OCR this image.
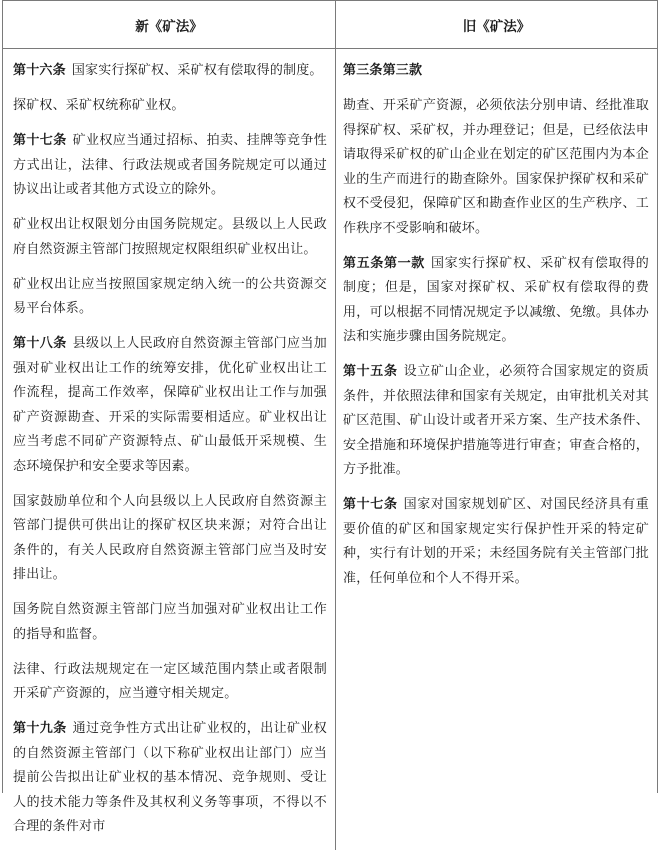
新《矿法》	旧《矿法》

第十六条 国家实行探矿权、采矿权有偿取得的制度。

探矿权、采矿权统称矿业权。

第十七条 矿业权应当通过招标、拍卖、挂牌等竞争性方式出让，法律、行政法规或者国务院规定可以通过协议出让或者其他方式设立的除外。

矿业权出让权限划分由国务院规定。县级以上人民政府自然资源主管部门按照规定权限组织矿业权出让。

矿业权出让应当按照国家规定纳入统一的公共资源交易平台体系。

第十八条 县级以上人民政府自然资源主管部门应当加强对矿业权出让工作的统筹安排，优化矿业权出让工作流程，提高工作效率，保障矿业权出让工作与加强矿产资源勘查、开采的实际需要相适应。矿业权出让应当考虑不同矿产资源特点、矿山最低开采规模、生态环境保护和安全要求等因素。

国家鼓励单位和个人向县级以上人民政府自然资源主管部门提供可供出让的探矿权区块来源；对符合出让条件的，有关人民政府自然资源主管部门应当及时安排出让。

国务院自然资源主管部门应当加强对矿业权出让工作的指导和监督。

法律、行政法规规定在一定区域范围内禁止或者限制开采矿产资源的，应当遵守相关规定。

第十九条 通过竞争性方式出让矿业权的，出让矿业权的自然资源主管部门（以下称矿业权出让部门）应当提前公告拟出让矿业权的基本情况、竞争规则、受让人的技术能力等条件及其权利义务等事项，不得以不合理的条件对市

第三条第三款

勘查、开采矿产资源，必须依法分别申请、经批准取得探矿权、采矿权，并办理登记；但是，已经依法申请取得采矿权的矿山企业在划定的矿区范围内为本企业的生产而进行的勘查除外。国家保护探矿权和采矿权不受侵犯，保障矿区和勘查作业区的生产秩序、工作秩序不受影响和破坏。

第五条第一款 国家实行探矿权、采矿权有偿取得的制度；但是，国家对探矿权、采矿权有偿取得的费用，可以根据不同情况规定予以减缴、免缴。具体办法和实施步骤由国务院规定。

第十五条 设立矿山企业，必须符合国家规定的资质条件，并依照法律和国家有关规定，由审批机关对其矿区范围、矿山设计或者开采方案、生产技术条件、安全措施和环境保护措施等进行审查；审查合格的，方予批准。

第十七条 国家对国家规划矿区、对国民经济具有重要价值的矿区和国家规定实行保护性开采的特定矿种，实行有计划的开采；未经国务院有关主管部门批准，任何单位和个人不得开采。
